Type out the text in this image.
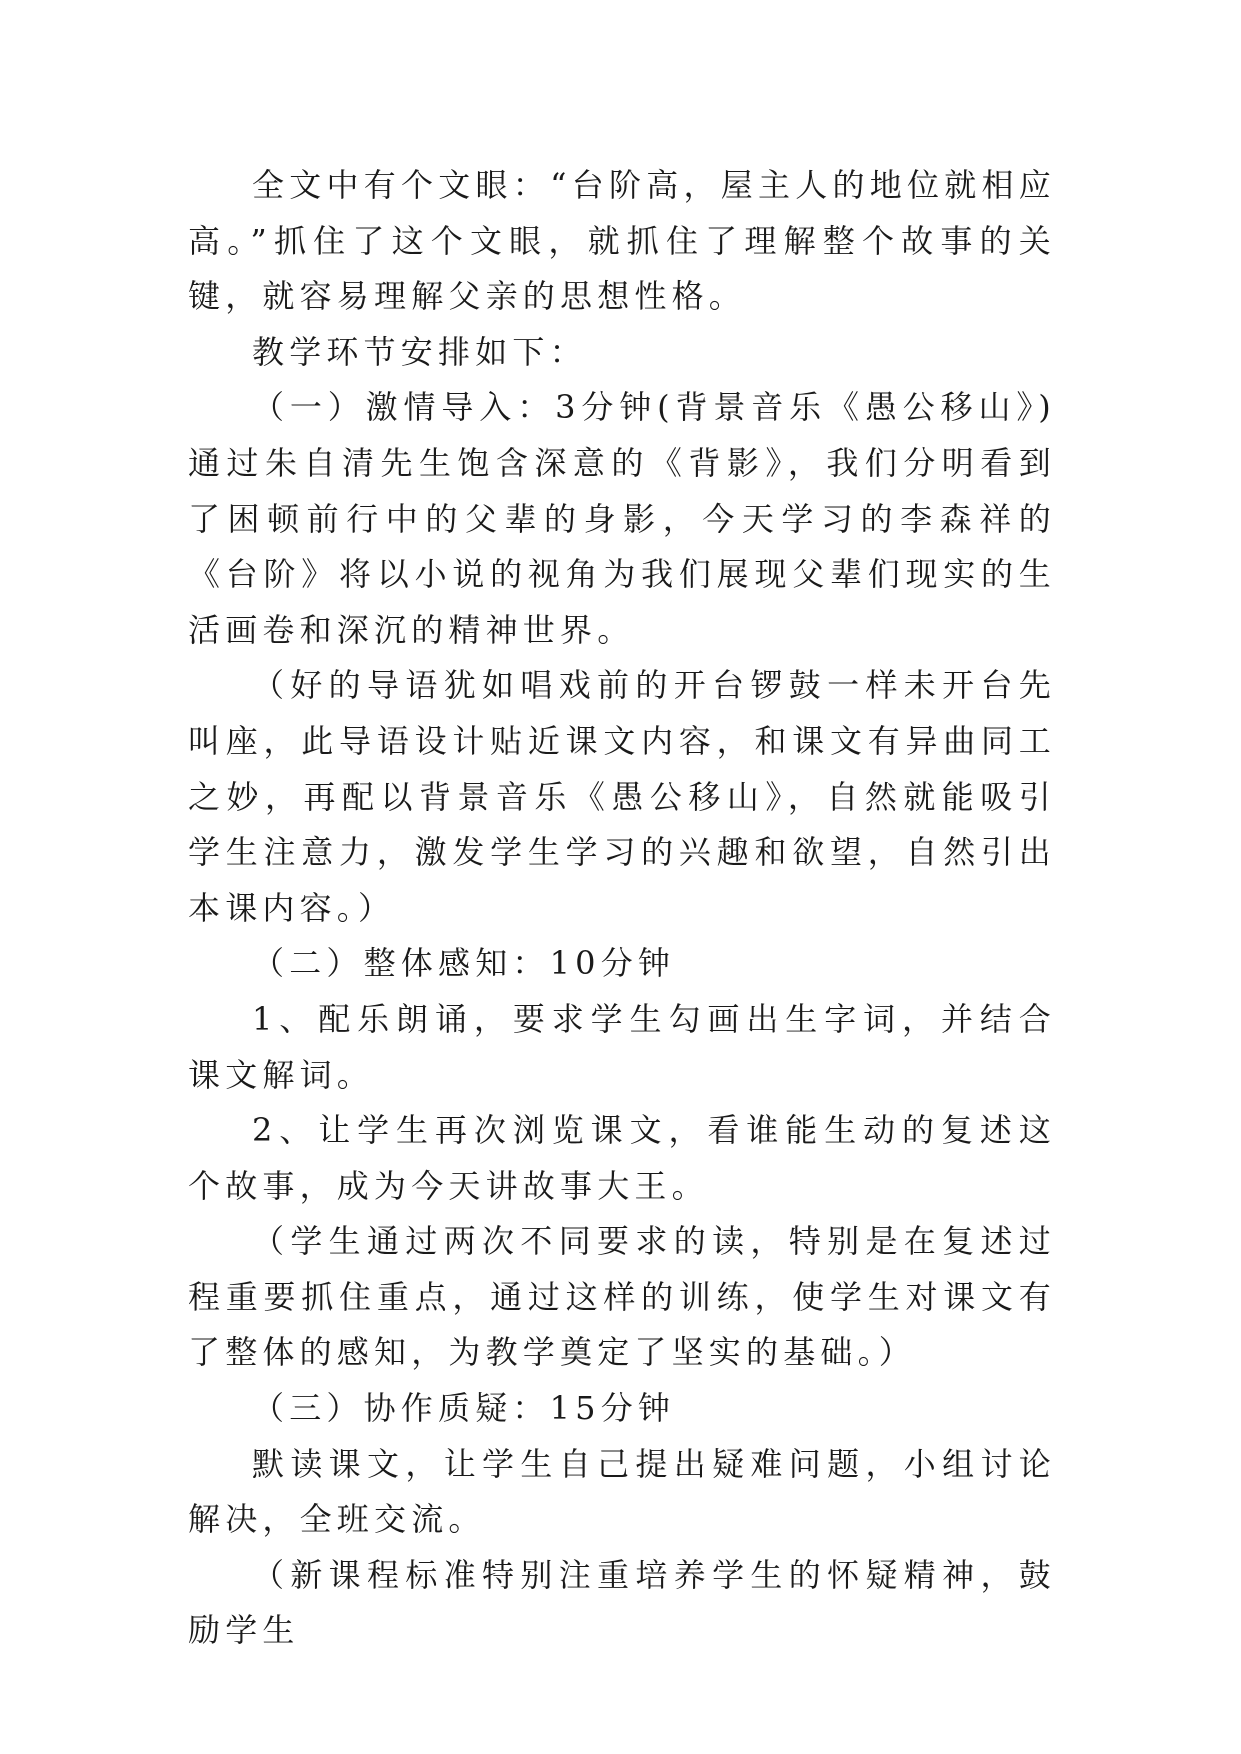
全文中有个文眼：“台阶高，屋主人的地位就相应高。”抓住了这个文眼，就抓住了理解整个故事的关键，就容易理解父亲的思想性格。

教学环节安排如下：

（一）激情导入：3分钟(背景音乐《愚公移山》)通过朱自清先生饱含深意的《背影》，我们分明看到了困顿前行中的父辈的身影，今天学习的李森祥的《台阶》将以小说的视角为我们展现父辈们现实的生活画卷和深沉的精神世界。

（好的导语犹如唱戏前的开台锣鼓一样未开台先叫座，此导语设计贴近课文内容，和课文有异曲同工之妙，再配以背景音乐《愚公移山》，自然就能吸引学生注意力，激发学生学习的兴趣和欲望，自然引出本课内容。）

（二）整体感知：10分钟

1、配乐朗诵，要求学生勾画出生字词，并结合课文解词。

2、让学生再次浏览课文，看谁能生动的复述这个故事，成为今天讲故事大王。

（学生通过两次不同要求的读，特别是在复述过程重要抓住重点，通过这样的训练，使学生对课文有了整体的感知，为教学奠定了坚实的基础。）

（三）协作质疑：15分钟

默读课文，让学生自己提出疑难问题，小组讨论解决，全班交流。

（新课程标准特别注重培养学生的怀疑精神，鼓励学生
